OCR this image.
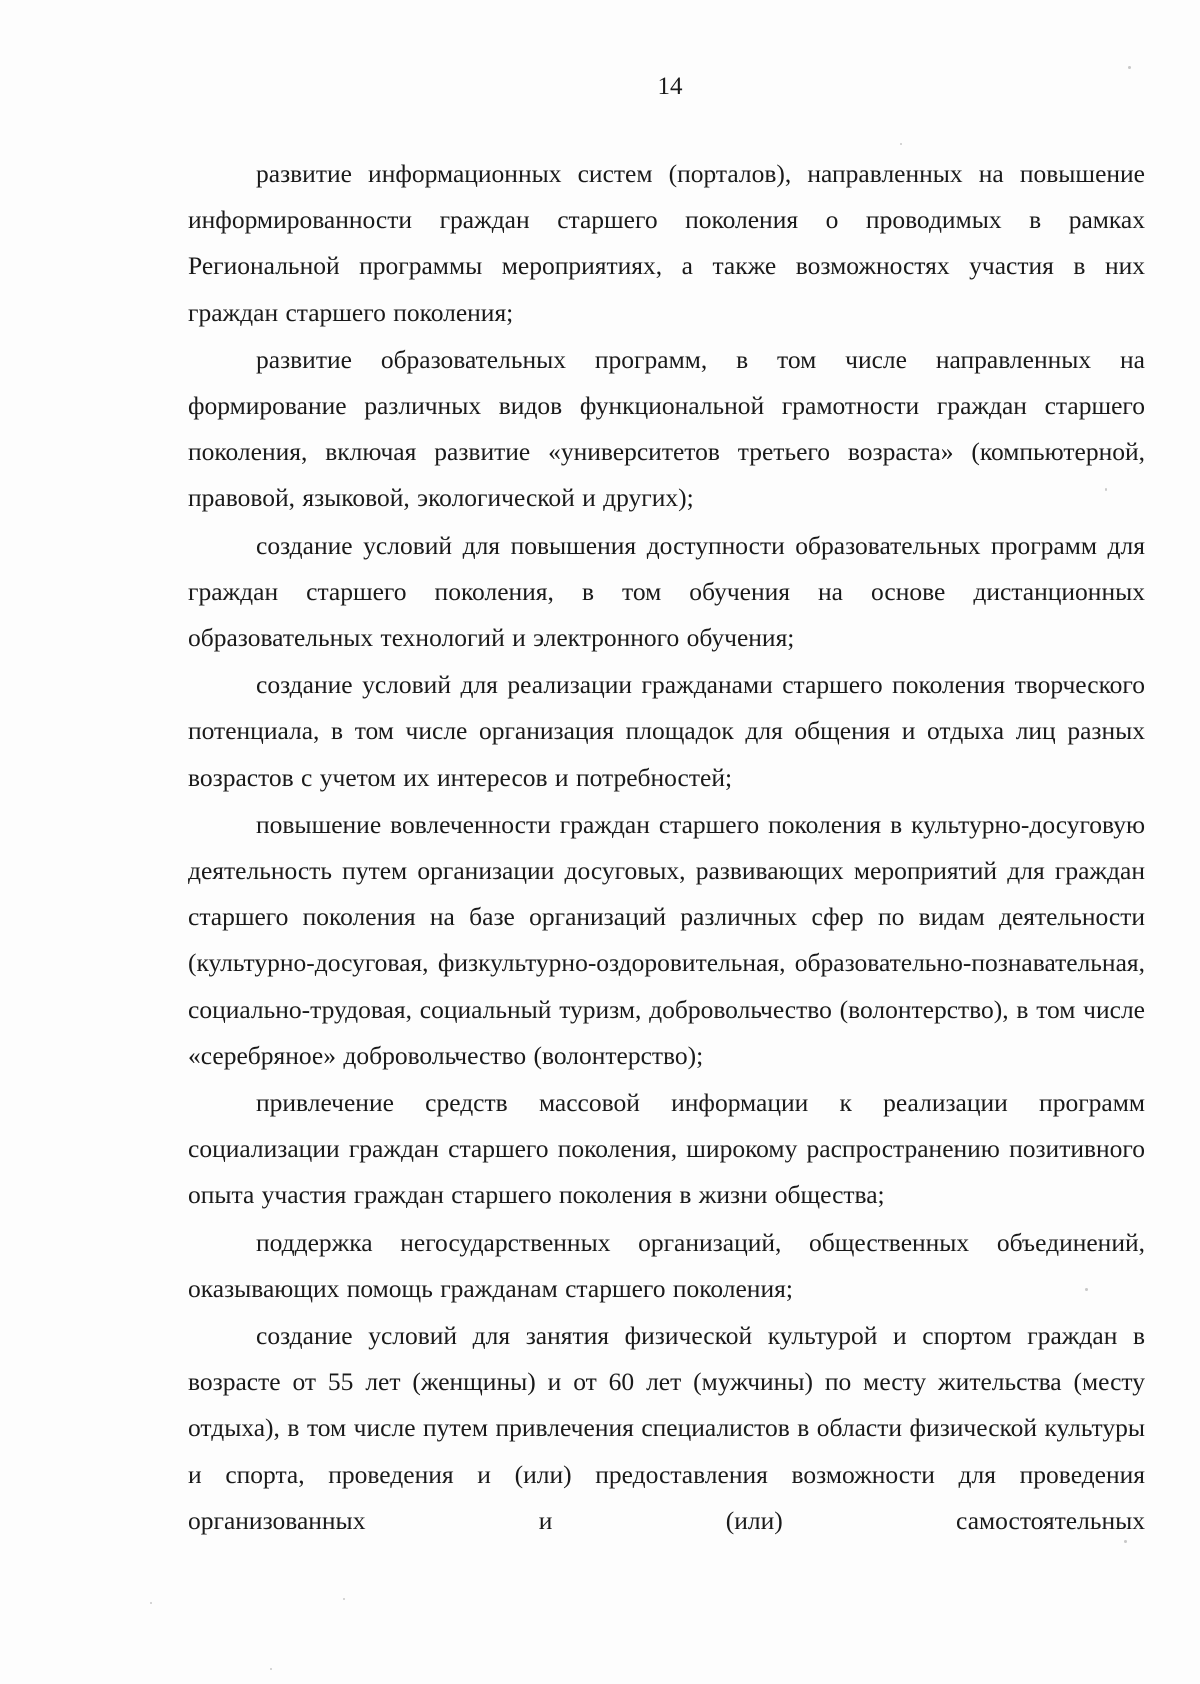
14

развитие информационных систем (порталов), направленных на повышение информированности граждан старшего поколения о проводимых в рамках Региональной программы мероприятиях, а также возможностях участия в них граждан старшего поколения;

развитие образовательных программ, в том числе направленных на формирование различных видов функциональной грамотности граждан старшего поколения, включая развитие «университетов третьего возраста» (компьютерной, правовой, языковой, экологической и других);

создание условий для повышения доступности образовательных программ для граждан старшего поколения, в том обучения на основе дистанционных образовательных технологий и электронного обучения;

создание условий для реализации гражданами старшего поколения творческого потенциала, в том числе организация площадок для общения и отдыха лиц разных возрастов с учетом их интересов и потребностей;

повышение вовлеченности граждан старшего поколения в культурно-досуговую деятельность путем организации досуговых, развивающих мероприятий для граждан старшего поколения на базе организаций различных сфер по видам деятельности (культурно-досуговая, физкультурно-оздоровительная, образовательно-познавательная, социально-трудовая, социальный туризм, добровольчество (волонтерство), в том числе «серебряное» добровольчество (волонтерство);

привлечение средств массовой информации к реализации программ социализации граждан старшего поколения, широкому распространению позитивного опыта участия граждан старшего поколения в жизни общества;

поддержка негосударственных организаций, общественных объединений, оказывающих помощь гражданам старшего поколения;

создание условий для занятия физической культурой и спортом граждан в возрасте от 55 лет (женщины) и от 60 лет (мужчины) по месту жительства (месту отдыха), в том числе путем привлечения специалистов в области физической культуры и спорта, проведения и (или) предоставления возможности для проведения организованных и (или) самостоятельных
